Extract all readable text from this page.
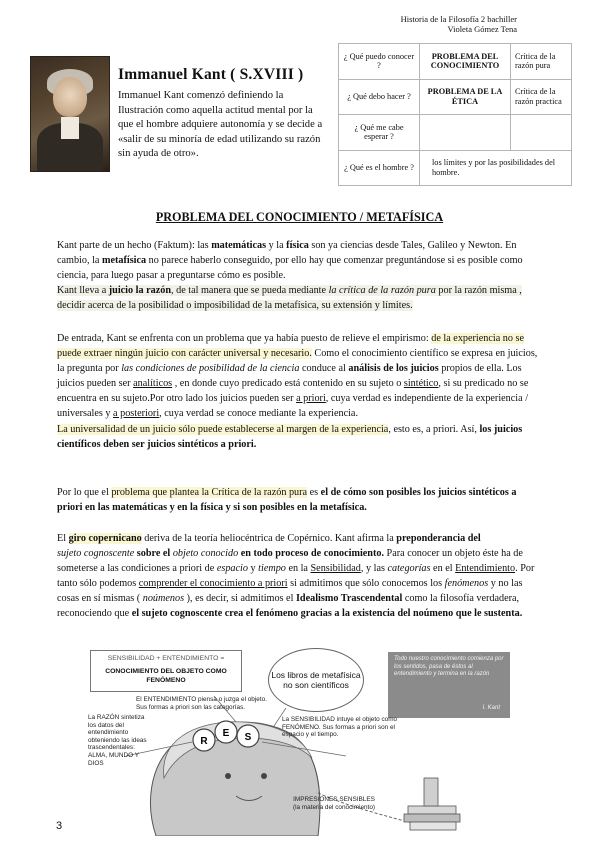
Historia de la Filosofía 2 bachiller
Violeta Gómez Tena
Immanuel Kant ( S.XVIII )
Immanuel Kant comenzó definiendo la Ilustración como aquella actitud mental por la que el hombre adquiere autonomía y se decide a «salir de su minoría de edad utilizando su razón sin ayuda de otro».
¿ Qué puedo conocer ?	PROBLEMA DEL CONOCIMIENTO	Crítica de la razón pura
¿ Qué debo hacer ?	PROBLEMA DE LA ÉTICA	Crítica de la razón practica
¿ Qué me cabe esperar ?		
¿ Qué es el hombre ?	los límites y por las posibilidades del hombre.	
PROBLEMA DEL CONOCIMIENTO / METAFÍSICA
Kant parte de un hecho (Faktum): las matemáticas y la física son ya ciencias desde Tales, Galileo y Newton. En cambio, la metafísica no parece haberlo conseguido, por ello hay que comenzar preguntándose si es posible como ciencia, para luego pasar a preguntarse cómo es posible.
Kant lleva a juicio la razón, de tal manera que se pueda mediante la crítica de la razón pura por la razón misma , decidir acerca de la posibilidad o imposibilidad de la metafísica, su extensión y límites.
De entrada, Kant se enfrenta con un problema que ya había puesto de relieve el empirismo: de la experiencia no se puede extraer ningún juicio con carácter universal y necesario. Como el conocimiento científico se expresa en juicios, la pregunta por las condiciones de posibilidad de la ciencia conduce al análisis de los juicios propios de ella. Los juicios pueden ser analíticos , en donde cuyo predicado está contenido en su sujeto o sintético, si su predicado no se encuentra en su sujeto.Por otro lado los juicios pueden ser a priori, cuya verdad es independiente de la experiencia / universales y a posteriori, cuya verdad se conoce mediante la experiencia.
La universalidad de un juicio sólo puede establecerse al margen de la experiencia, esto es, a priori. Así, los juicios científicos deben ser juicios sintéticos a priori.
Por lo que el problema que plantea la Crítica de la razón pura es el de cómo son posibles los juicios sintéticos a priori en las matemáticas y en la física y si son posibles en la metafísica.
El giro copernicano deriva de la teoría heliocéntrica de Copérnico. Kant afirma la preponderancia del
sujeto cognoscente sobre el objeto conocido en todo proceso de conocimiento. Para conocer un objeto éste ha de someterse a las condiciones a priori de espacio y tiempo en la Sensibilidad, y las categorías en el Entendimiento. Por tanto sólo podemos comprender el conocimiento a priori si admitimos que sólo conocemos los fenómenos y no las cosas en sí mismas ( noúmenos ), es decir, si admitimos el Idealismo Trascendental como la filosofía verdadera, reconociendo que el sujeto cognoscente crea el fenómeno gracias a la existencia del noúmeno que le sustenta.
R
E S
SENSIBILIDAD + ENTENDIMIENTO =
CONOCIMIENTO DEL OBJETO COMO FENÓMENO
Los libros de metafísica no son científicos
Todo nuestro conocimiento comienza por los sentidos, pasa de éstos al entendimiento y termina en la razón
I. Kant
El ENTENDIMIENTO piensa o juzga el objeto. Sus formas a priori son las categorías.
La RAZÓN sintetiza los datos del entendimiento obteniendo las ideas trascendentales: ALMA, MUNDO Y DIOS
La SENSIBILIDAD intuye el objeto como FENÓMENO. Sus formas a priori son el espacio y el tiempo.
IMPRESIONES SENSIBLES (la materia del conocimiento)
3
